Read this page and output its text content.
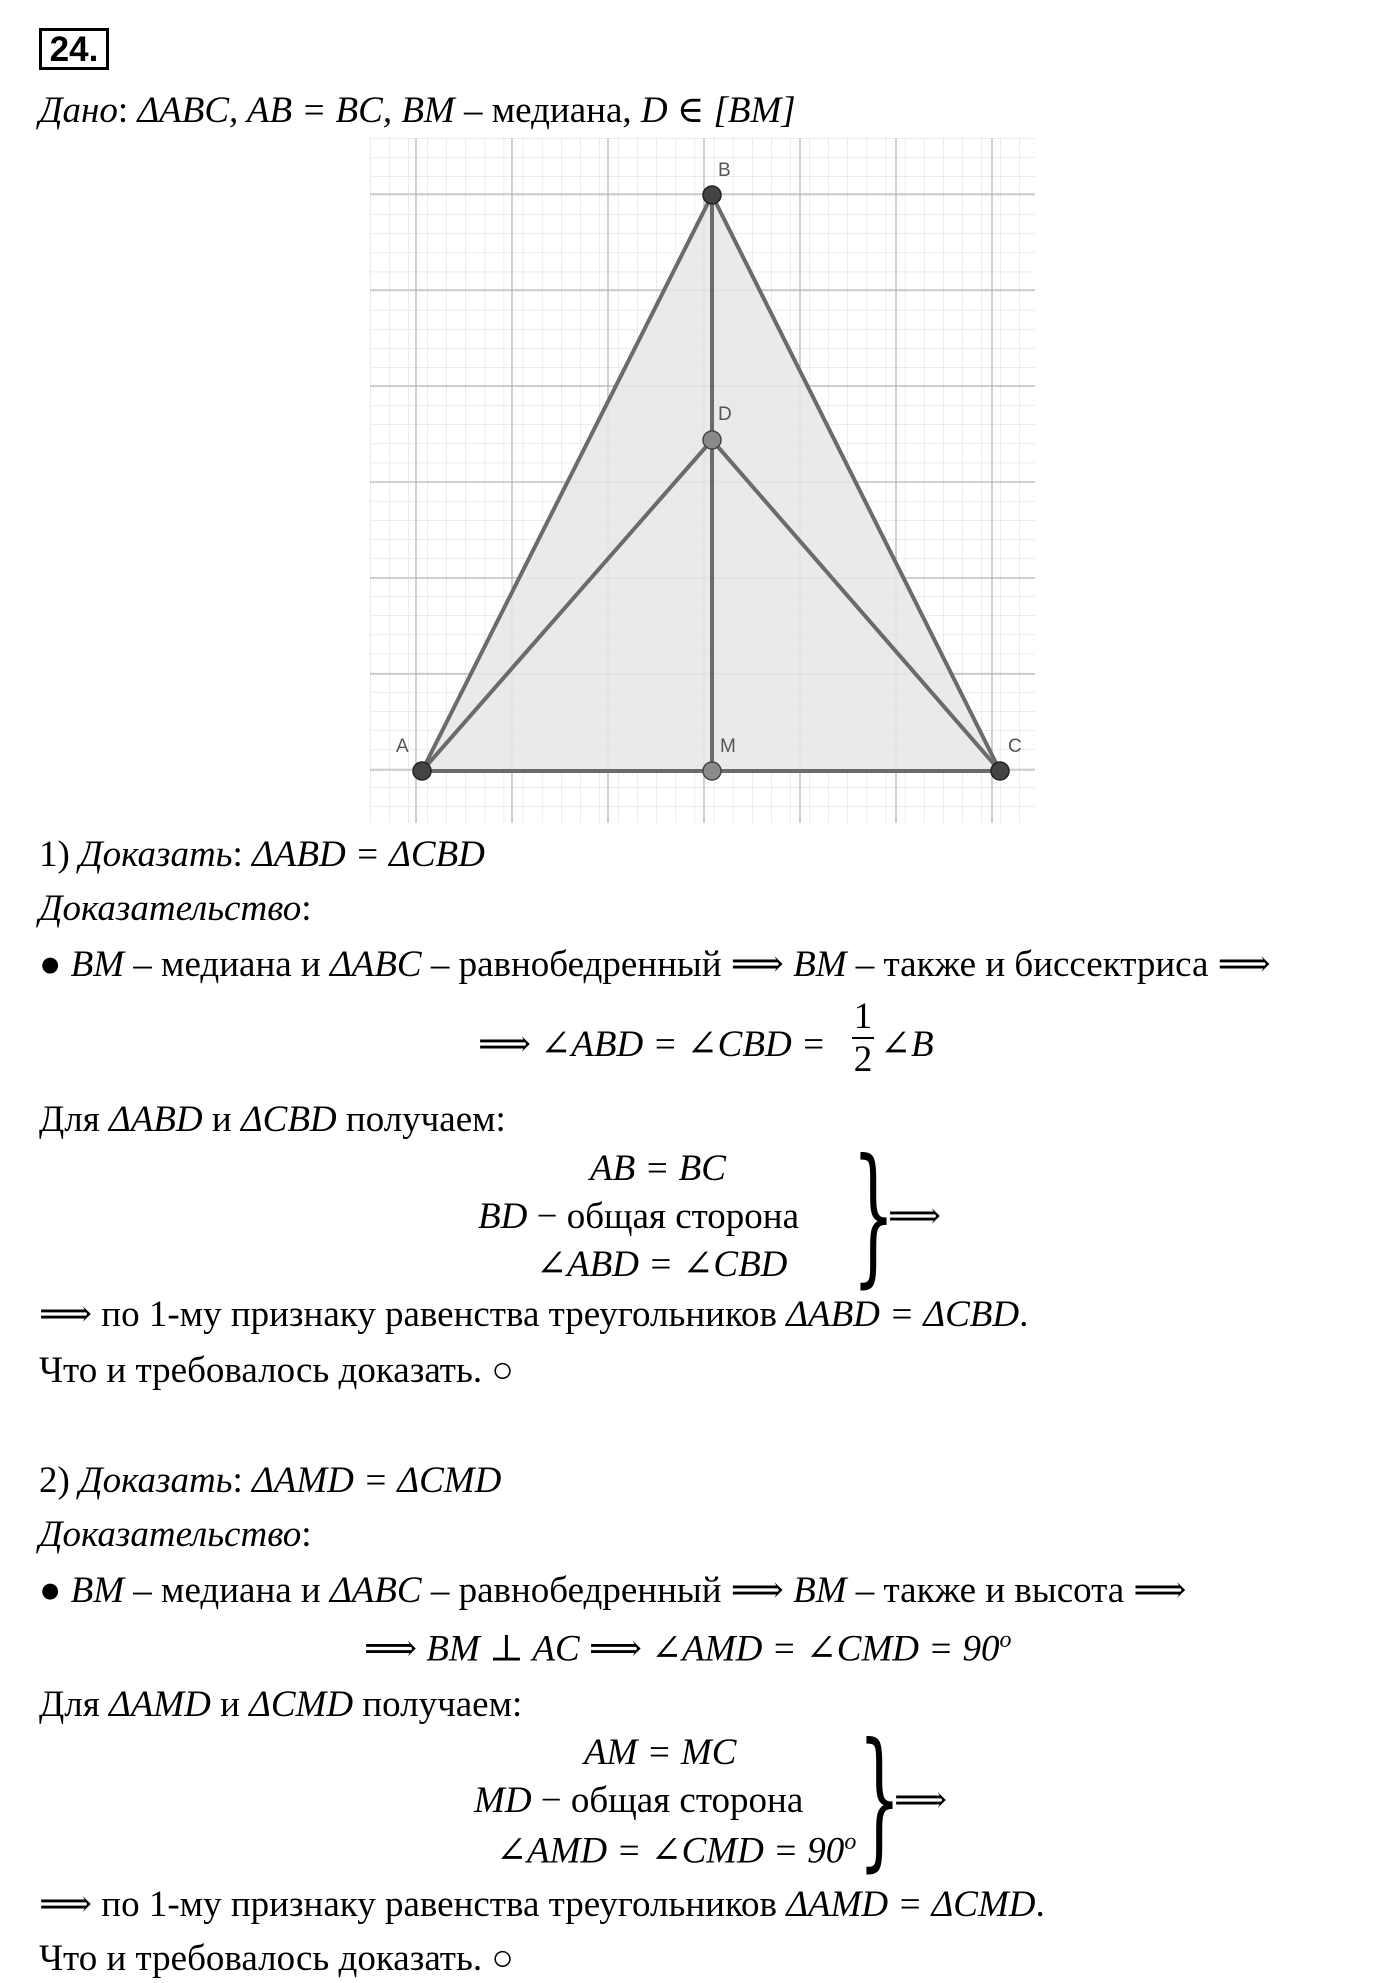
24.
Дано: ΔABC, AB = BC, BM – медиана, D ∈ [BM]
A
B
C
D
M
1) Доказать: ΔABD = ΔCBD
Доказательство:
● BM – медиана и ΔABC – равнобедренный ⟹ BM – также и биссектриса ⟹
⟹ ∠ABD = ∠CBD =
1
2 ∠B
Для ΔABD и ΔCBD получаем:
AB = BC
BD − общая сторона
∠ABD = ∠CBD }
⟹
⟹ по 1-му признаку равенства треугольников ΔABD = ΔCBD.
Что и требовалось доказать. ○
2) Доказать: ΔAMD = ΔCMD
Доказательство:
● BM – медиана и ΔABC – равнобедренный ⟹ BM – также и высота ⟹
⟹ BM ⊥ AC ⟹ ∠AMD = ∠CMD = $90^o$
Для ΔAMD и ΔCMD получаем:
AM = MC
MD − общая сторона
∠AMD = ∠CMD = $90^o$ }
⟹
⟹ по 1-му признаку равенства треугольников ΔAMD = ΔCMD.
Что и требовалось доказать. ○
